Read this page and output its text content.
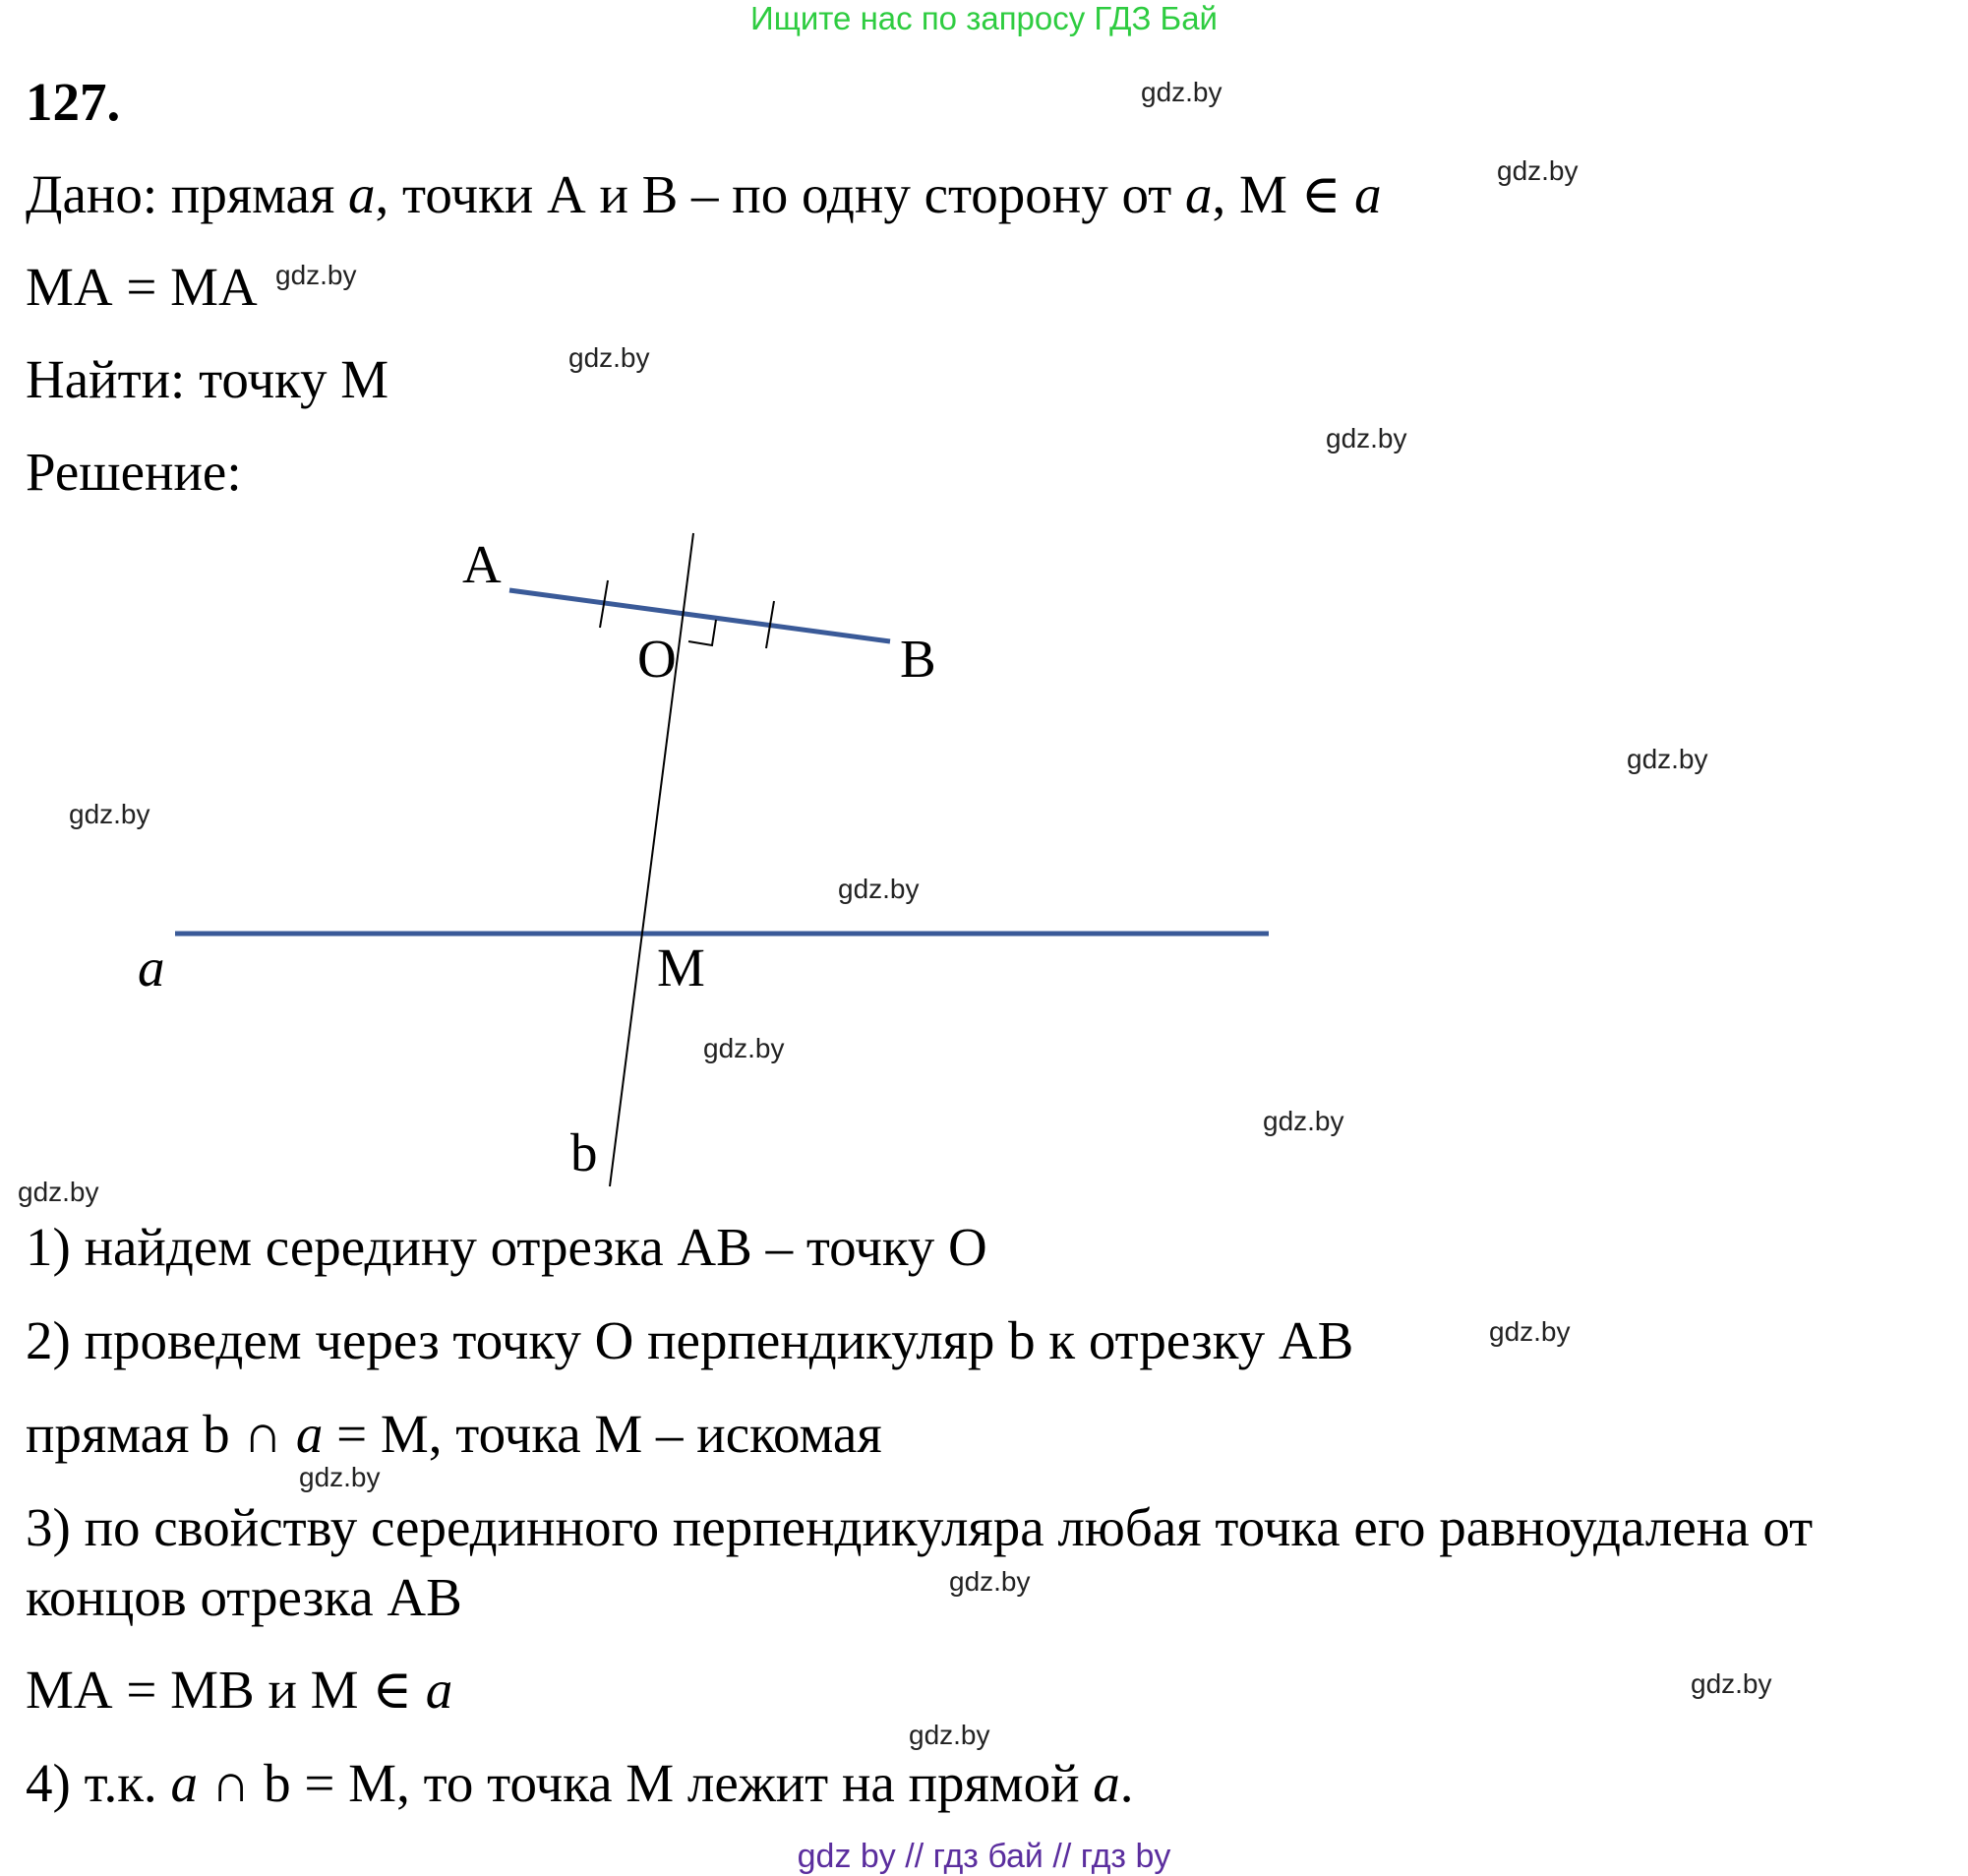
Ищите нас по запросу ГДЗ Бай
127.
Дано: прямая a, точки А и В – по одну сторону от a, М ∈ a
МА = МА
Найти: точку М
Решение:
А
В
О
М
a
b
1) найдем середину отрезка АВ – точку О
2) проведем через точку О перпендикуляр b к отрезку АВ
прямая b ∩ a = М, точка М – искомая
3) по свойству серединного перпендикуляра любая точка его равноудалена от
концов отрезка АВ
МА = МВ и М ∈ a
4) т.к. a ∩ b = М, то точка М лежит на прямой a.
gdz.by
gdz.by
gdz.by
gdz.by
gdz.by
gdz.by
gdz.by
gdz.by
gdz.by
gdz.by
gdz.by
gdz.by
gdz.by
gdz.by
gdz.by
gdz.by
gdz by // гдз бай // гдз by
